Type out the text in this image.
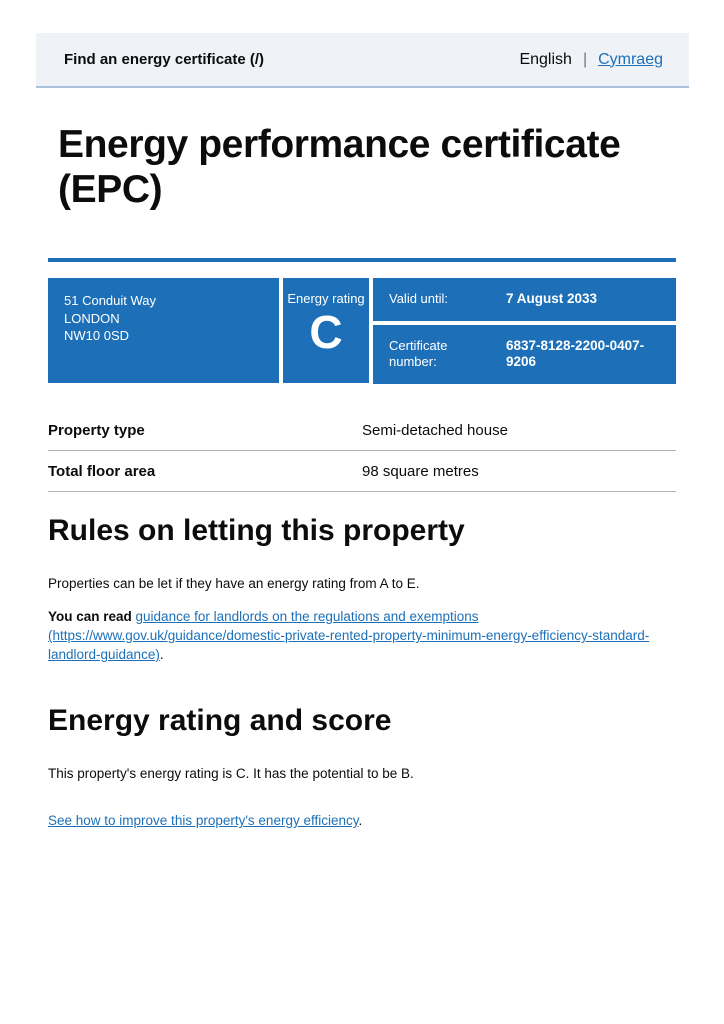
Find an energy certificate (/)	English | Cymraeg
Energy performance certificate
(EPC)
51 Conduit Way
LONDON
NW10 0SD
Energy rating
C
Valid until:	7 August 2033
Certificate number:
6837-8128-2200-0407-9206
Property type	Semi-detached house
Total floor area	98 square metres
Rules on letting this property

Properties can be let if they have an energy rating from A to E.

You can read guidance for landlords on the regulations and exemptions (https://www.gov.uk/guidance/domestic-private-rented-property-minimum-energy-efficiency-standard-landlord-guidance).

Energy rating and score

This property's energy rating is C. It has the potential to be B.

See how to improve this property's energy efficiency.
